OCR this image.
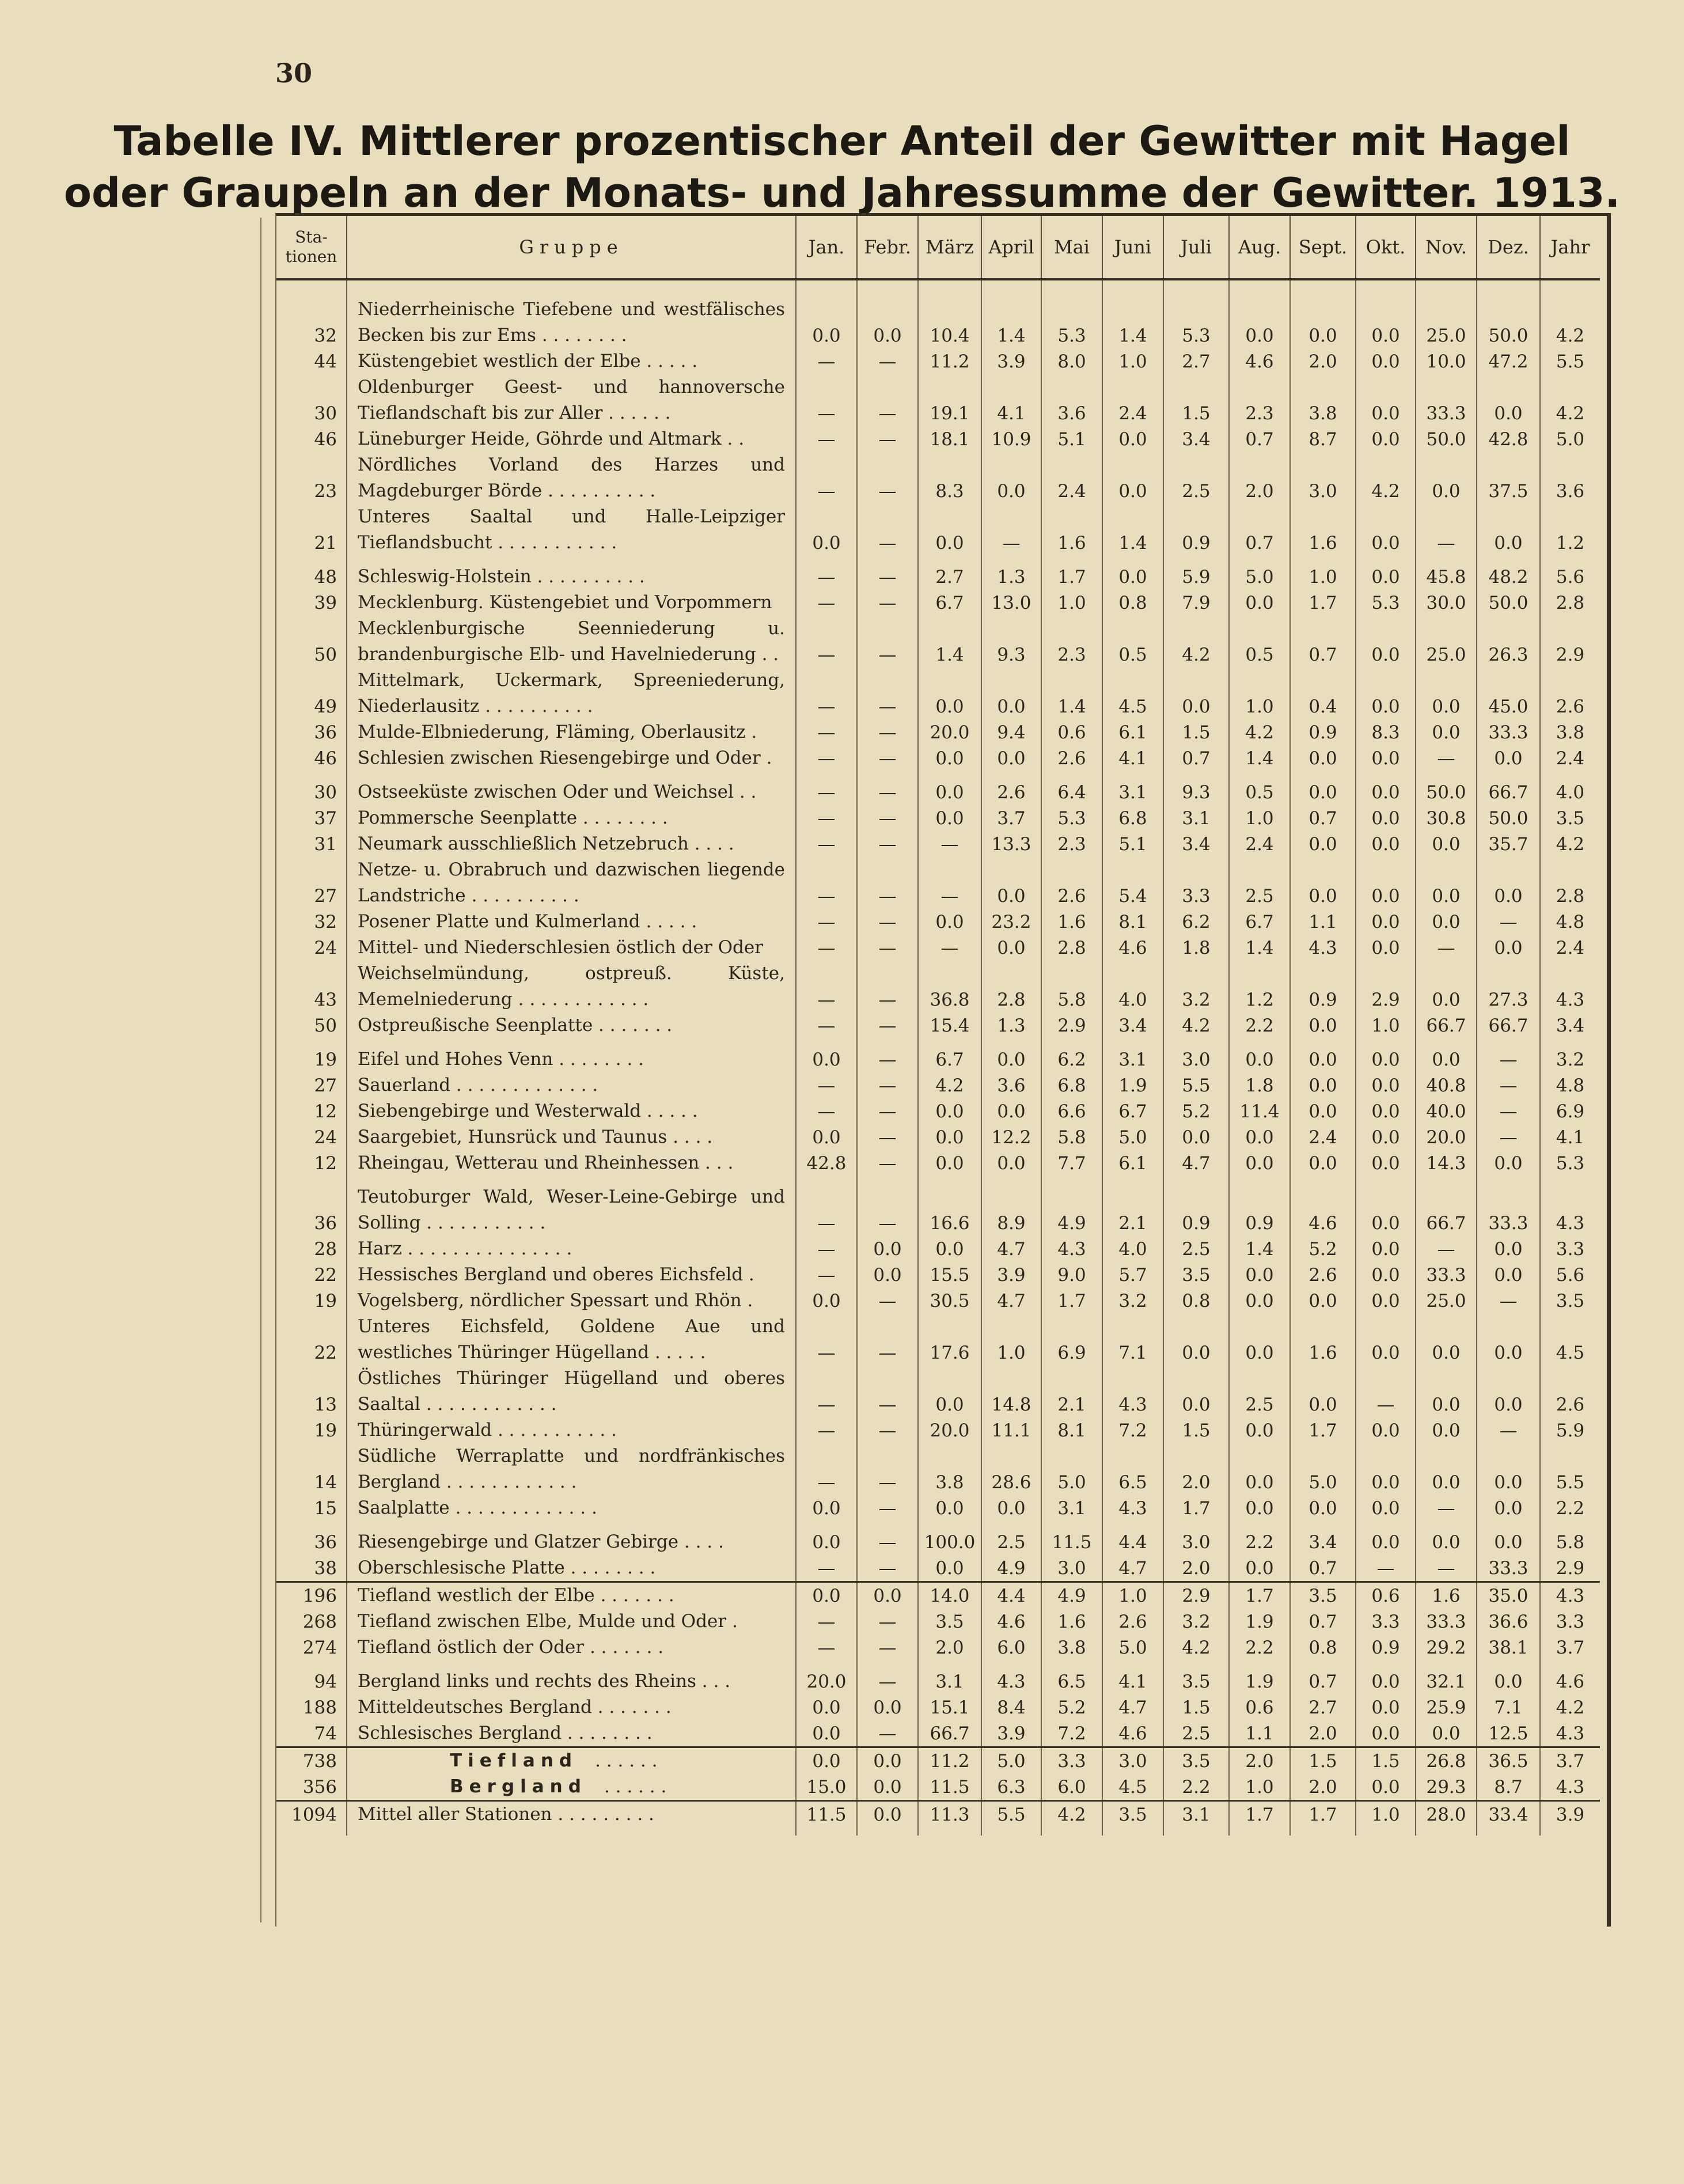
30
Tabelle IV. Mittlerer prozentischer Anteil der Gewitter mit Hagel
oder Graupeln an der Monats- und Jahressumme der Gewitter. 1913.
Sta-tionen	Gruppe	Jan.	Febr.	März	April	Mai	Juni	Juli	Aug.	Sept.	Okt.	Nov.	Dez.	Jahr

32	Niederrheinische Tiefebene und westfälisches Becken bis zur Ems . . . . . . . .	0.0	0.0	10.4	1.4	5.3	1.4	5.3	0.0	0.0	0.0	25.0	50.0	4.2
44	Küstengebiet westlich der Elbe . . . . .	—	—	11.2	3.9	8.0	1.0	2.7	4.6	2.0	0.0	10.0	47.2	5.5
30	Oldenburger Geest- und hannoversche Tieflandschaft bis zur Aller . . . . . .	—	—	19.1	4.1	3.6	2.4	1.5	2.3	3.8	0.0	33.3	0.0	4.2
46	Lüneburger Heide, Göhrde und Altmark . .	—	—	18.1	10.9	5.1	0.0	3.4	0.7	8.7	0.0	50.0	42.8	5.0
23	Nördliches Vorland des Harzes und Magdeburger Börde . . . . . . . . . .	—	—	8.3	0.0	2.4	0.0	2.5	2.0	3.0	4.2	0.0	37.5	3.6
21	Unteres Saaltal und Halle-Leipziger Tieflandsbucht . . . . . . . . . . .	0.0	—	0.0	—	1.6	1.4	0.9	0.7	1.6	0.0	—	0.0	1.2

48	Schleswig-Holstein . . . . . . . . . .	—	—	2.7	1.3	1.7	0.0	5.9	5.0	1.0	0.0	45.8	48.2	5.6
39	Mecklenburg. Küstengebiet und Vorpommern	—	—	6.7	13.0	1.0	0.8	7.9	0.0	1.7	5.3	30.0	50.0	2.8
50	Mecklenburgische Seenniederung u. brandenburgische Elb- und Havelniederung . .	—	—	1.4	9.3	2.3	0.5	4.2	0.5	0.7	0.0	25.0	26.3	2.9
49	Mittelmark, Uckermark, Spreeniederung, Niederlausitz . . . . . . . . . .	—	—	0.0	0.0	1.4	4.5	0.0	1.0	0.4	0.0	0.0	45.0	2.6
36	Mulde-Elbniederung, Fläming, Oberlausitz .	—	—	20.0	9.4	0.6	6.1	1.5	4.2	0.9	8.3	0.0	33.3	3.8
46	Schlesien zwischen Riesengebirge und Oder .	—	—	0.0	0.0	2.6	4.1	0.7	1.4	0.0	0.0	—	0.0	2.4

30	Ostseeküste zwischen Oder und Weichsel . .	—	—	0.0	2.6	6.4	3.1	9.3	0.5	0.0	0.0	50.0	66.7	4.0
37	Pommersche Seenplatte . . . . . . . .	—	—	0.0	3.7	5.3	6.8	3.1	1.0	0.7	0.0	30.8	50.0	3.5
31	Neumark ausschließlich Netzebruch . . . .	—	—	—	13.3	2.3	5.1	3.4	2.4	0.0	0.0	0.0	35.7	4.2
27	Netze- u. Obrabruch und dazwischen liegende Landstriche . . . . . . . . . .	—	—	—	0.0	2.6	5.4	3.3	2.5	0.0	0.0	0.0	0.0	2.8
32	Posener Platte und Kulmerland . . . . .	—	—	0.0	23.2	1.6	8.1	6.2	6.7	1.1	0.0	0.0	—	4.8
24	Mittel- und Niederschlesien östlich der Oder	—	—	—	0.0	2.8	4.6	1.8	1.4	4.3	0.0	—	0.0	2.4
43	Weichselmündung, ostpreuß. Küste, Memelniederung . . . . . . . . . . . .	—	—	36.8	2.8	5.8	4.0	3.2	1.2	0.9	2.9	0.0	27.3	4.3
50	Ostpreußische Seenplatte . . . . . . .	—	—	15.4	1.3	2.9	3.4	4.2	2.2	0.0	1.0	66.7	66.7	3.4

19	Eifel und Hohes Venn . . . . . . . .	0.0	—	6.7	0.0	6.2	3.1	3.0	0.0	0.0	0.0	0.0	—	3.2
27	Sauerland . . . . . . . . . . . . .	—	—	4.2	3.6	6.8	1.9	5.5	1.8	0.0	0.0	40.8	—	4.8
12	Siebengebirge und Westerwald . . . . .	—	—	0.0	0.0	6.6	6.7	5.2	11.4	0.0	0.0	40.0	—	6.9
24	Saargebiet, Hunsrück und Taunus . . . .	0.0	—	0.0	12.2	5.8	5.0	0.0	0.0	2.4	0.0	20.0	—	4.1
12	Rheingau, Wetterau und Rheinhessen . . .	42.8	—	0.0	0.0	7.7	6.1	4.7	0.0	0.0	0.0	14.3	0.0	5.3

36	Teutoburger Wald, Weser-Leine-Gebirge und Solling . . . . . . . . . . .	—	—	16.6	8.9	4.9	2.1	0.9	0.9	4.6	0.0	66.7	33.3	4.3
28	Harz . . . . . . . . . . . . . . .	—	0.0	0.0	4.7	4.3	4.0	2.5	1.4	5.2	0.0	—	0.0	3.3
22	Hessisches Bergland und oberes Eichsfeld .	—	0.0	15.5	3.9	9.0	5.7	3.5	0.0	2.6	0.0	33.3	0.0	5.6
19	Vogelsberg, nördlicher Spessart und Rhön .	0.0	—	30.5	4.7	1.7	3.2	0.8	0.0	0.0	0.0	25.0	—	3.5
22	Unteres Eichsfeld, Goldene Aue und westliches Thüringer Hügelland . . . . .	—	—	17.6	1.0	6.9	7.1	0.0	0.0	1.6	0.0	0.0	0.0	4.5
13	Östliches Thüringer Hügelland und oberes Saaltal . . . . . . . . . . . .	—	—	0.0	14.8	2.1	4.3	0.0	2.5	0.0	—	0.0	0.0	2.6
19	Thüringerwald . . . . . . . . . . .	—	—	20.0	11.1	8.1	7.2	1.5	0.0	1.7	0.0	0.0	—	5.9
14	Südliche Werraplatte und nordfränkisches Bergland . . . . . . . . . . . .	—	—	3.8	28.6	5.0	6.5	2.0	0.0	5.0	0.0	0.0	0.0	5.5
15	Saalplatte . . . . . . . . . . . . .	0.0	—	0.0	0.0	3.1	4.3	1.7	0.0	0.0	0.0	—	0.0	2.2

36	Riesengebirge und Glatzer Gebirge . . . .	0.0	—	100.0	2.5	11.5	4.4	3.0	2.2	3.4	0.0	0.0	0.0	5.8
38	Oberschlesische Platte . . . . . . . .	—	—	0.0	4.9	3.0	4.7	2.0	0.0	0.7	—	—	33.3	2.9
196	Tiefland westlich der Elbe . . . . . . .	0.0	0.0	14.0	4.4	4.9	1.0	2.9	1.7	3.5	0.6	1.6	35.0	4.3
268	Tiefland zwischen Elbe, Mulde und Oder .	—	—	3.5	4.6	1.6	2.6	3.2	1.9	0.7	3.3	33.3	36.6	3.3
274	Tiefland östlich der Oder . . . . . . .	—	—	2.0	6.0	3.8	5.0	4.2	2.2	0.8	0.9	29.2	38.1	3.7

94	Bergland links und rechts des Rheins . . .	20.0	—	3.1	4.3	6.5	4.1	3.5	1.9	0.7	0.0	32.1	0.0	4.6
188	Mitteldeutsches Bergland . . . . . . .	0.0	0.0	15.1	8.4	5.2	4.7	1.5	0.6	2.7	0.0	25.9	7.1	4.2
74	Schlesisches Bergland . . . . . . . .	0.0	—	66.7	3.9	7.2	4.6	2.5	1.1	2.0	0.0	0.0	12.5	4.3
738	Tiefland . . . . . .	0.0	0.0	11.2	5.0	3.3	3.0	3.5	2.0	1.5	1.5	26.8	36.5	3.7
356	Bergland . . . . . .	15.0	0.0	11.5	6.3	6.0	4.5	2.2	1.0	2.0	0.0	29.3	8.7	4.3
1094	Mittel aller Stationen . . . . . . . . .	11.5	0.0	11.3	5.5	4.2	3.5	3.1	1.7	1.7	1.0	28.0	33.4	3.9
